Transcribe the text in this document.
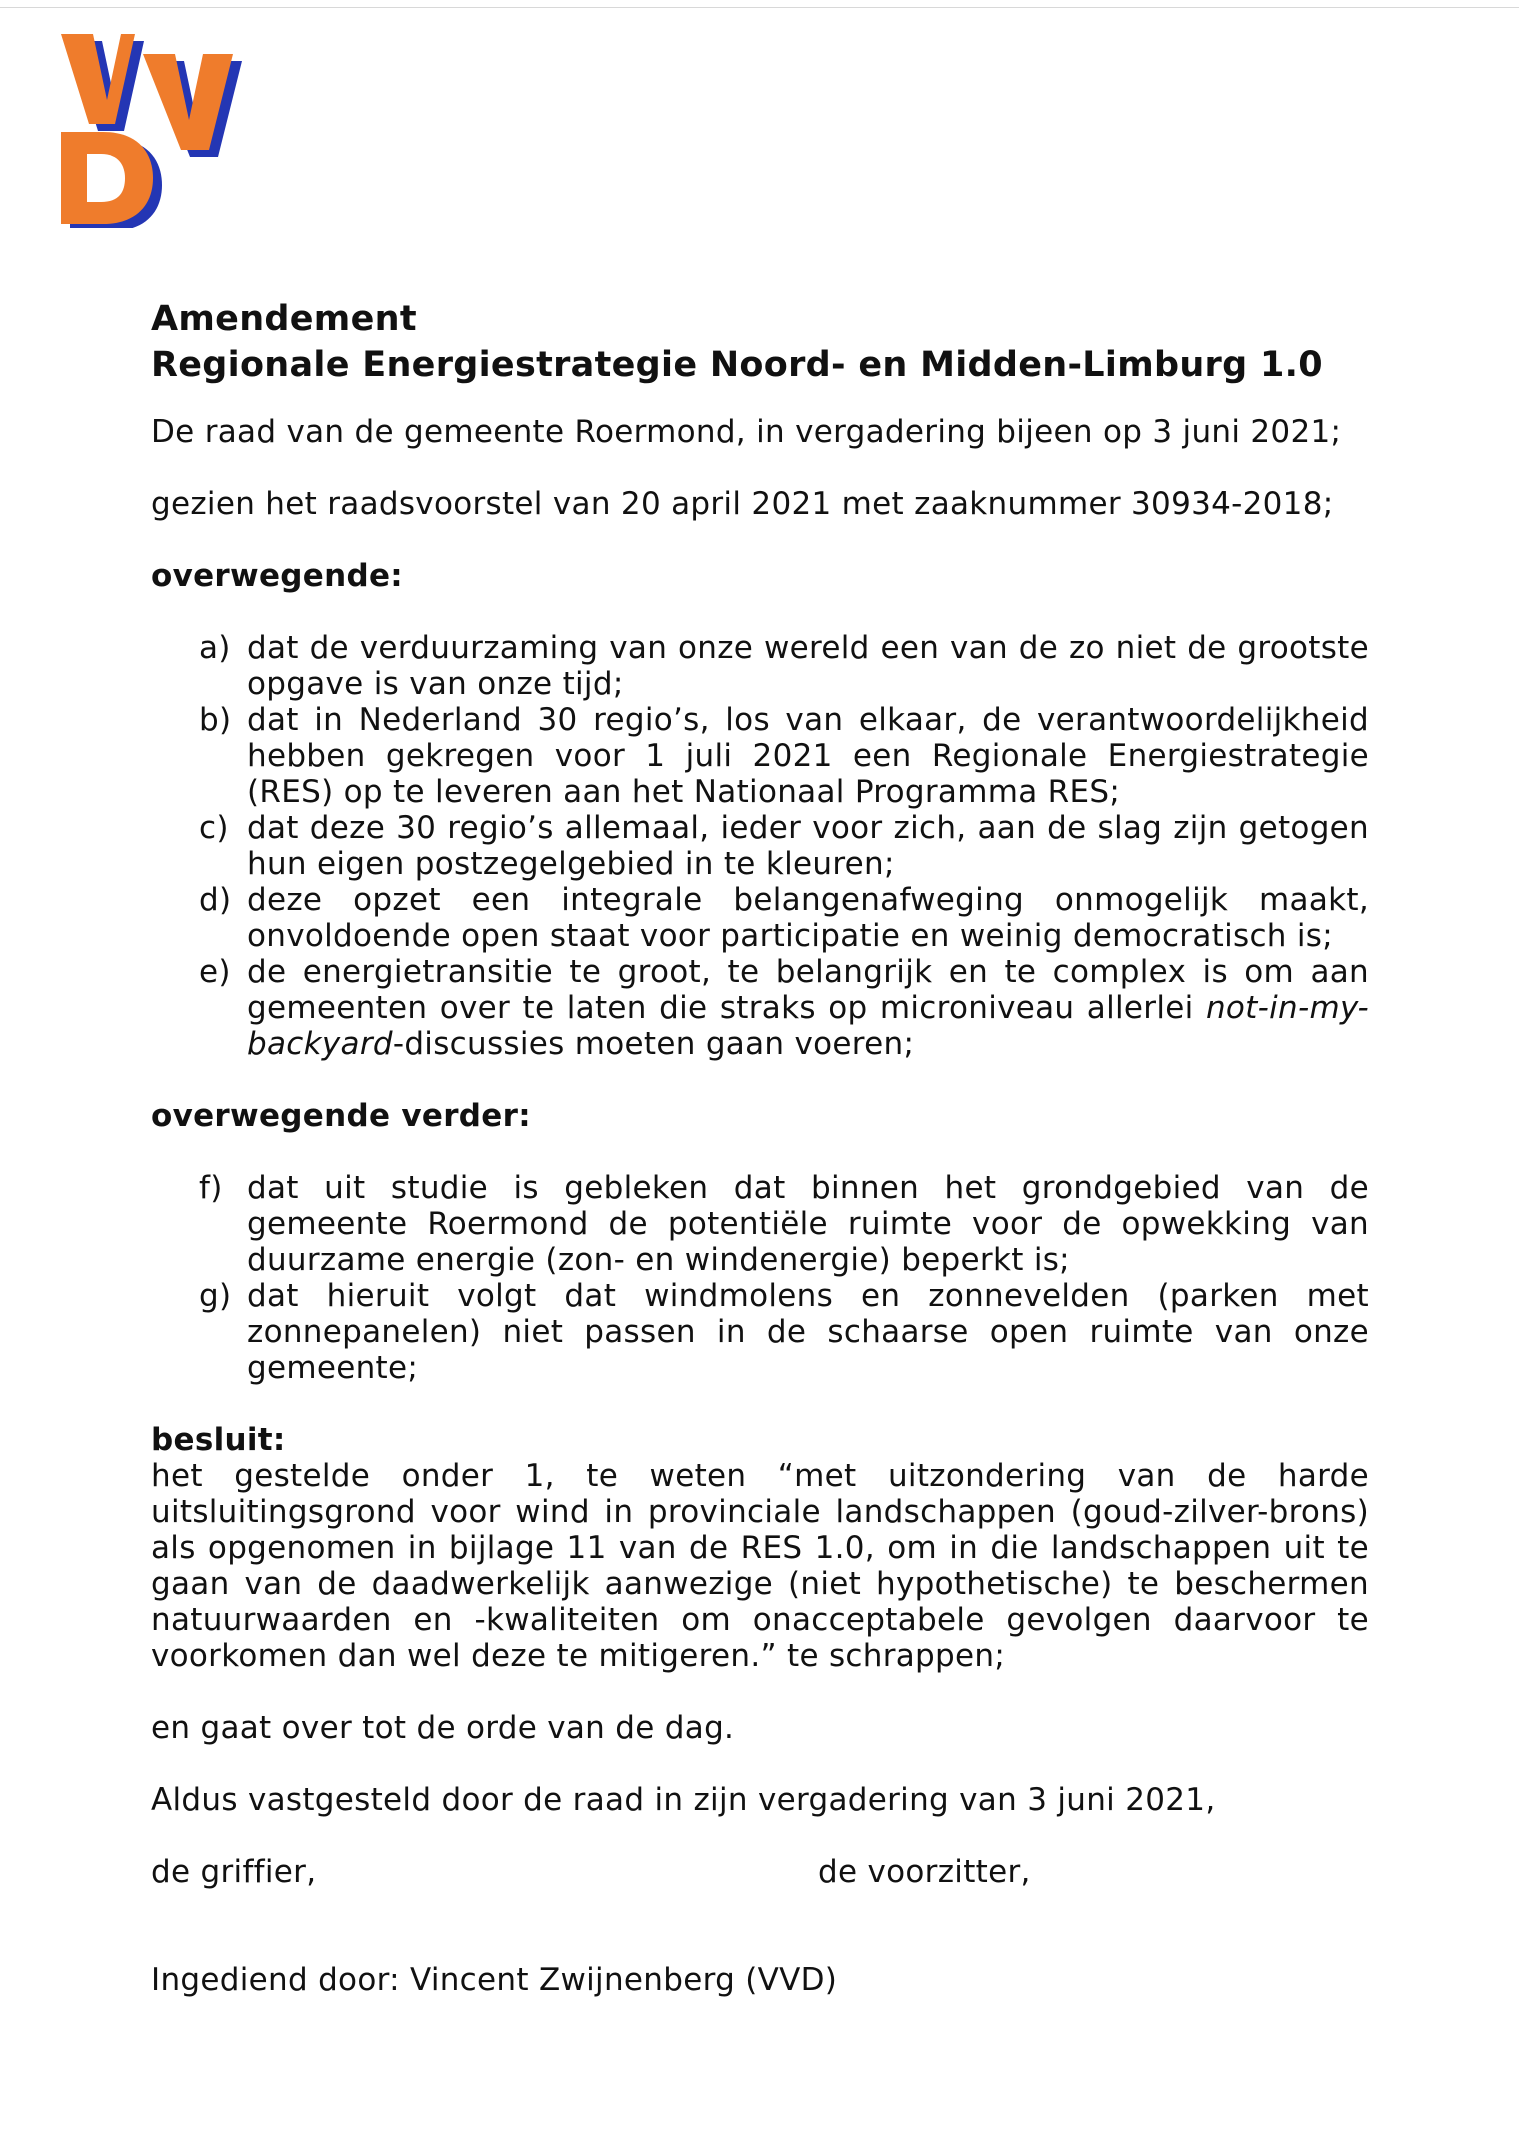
Amendement

Regionale Energiestrategie Noord- en Midden-Limburg 1.0

De raad van de gemeente Roermond, in vergadering bijeen op 3 juni 2021;

gezien het raadsvoorstel van 20 april 2021 met zaaknummer 30934-2018;

overwegende:

a) dat de verduurzaming van onze wereld een van de zo niet de grootste opgave is van onze tijd;
b) dat in Nederland 30 regio’s, los van elkaar, de verantwoordelijkheid hebben gekregen voor 1 juli 2021 een Regionale Energiestrategie (RES) op te leveren aan het Nationaal Programma RES;
c) dat deze 30 regio’s allemaal, ieder voor zich, aan de slag zijn getogen hun eigen postzegelgebied in te kleuren;
d) deze opzet een integrale belangenafweging onmogelijk maakt, onvoldoende open staat voor participatie en weinig democratisch is;
e) de energietransitie te groot, te belangrijk en te complex is om aan gemeenten over te laten die straks op microniveau allerlei not-in-my-backyard-discussies moeten gaan voeren;

overwegende verder:

f) dat uit studie is gebleken dat binnen het grondgebied van de gemeente Roermond de potentiële ruimte voor de opwekking van duurzame energie (zon- en windenergie) beperkt is;
g) dat hieruit volgt dat windmolens en zonnevelden (parken met zonnepanelen) niet passen in de schaarse open ruimte van onze gemeente;

besluit:

het gestelde onder 1, te weten “met uitzondering van de harde uitsluitingsgrond voor wind in provinciale landschappen (goud-zilver-brons) als opgenomen in bijlage 11 van de RES 1.0, om in die landschappen uit te gaan van de daadwerkelijk aanwezige (niet hypothetische) te beschermen natuurwaarden en -kwaliteiten om onacceptabele gevolgen daarvoor te voorkomen dan wel deze te mitigeren.” te schrappen;

en gaat over tot de orde van de dag.

Aldus vastgesteld door de raad in zijn vergadering van 3 juni 2021,

de griffier,	de voorzitter,

Ingediend door: Vincent Zwijnenberg (VVD)
